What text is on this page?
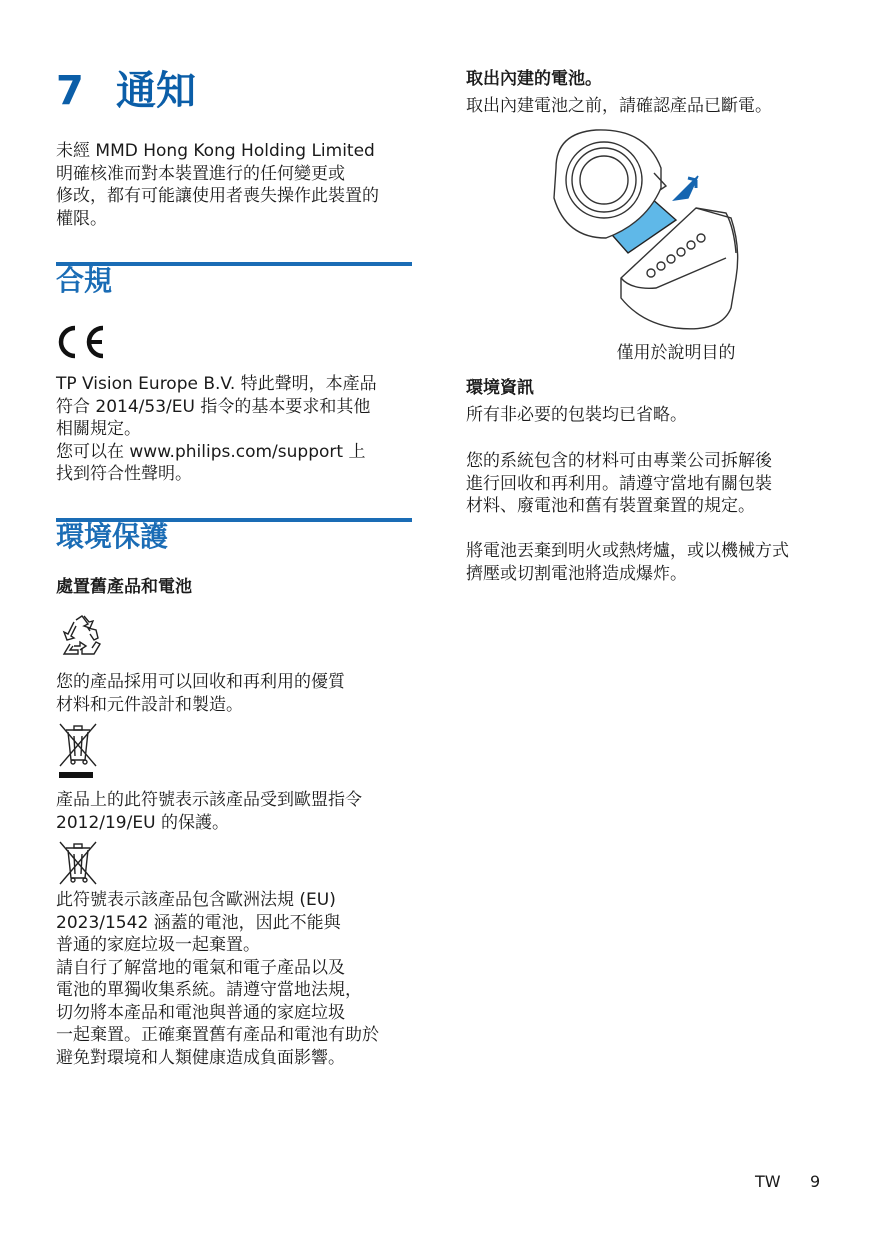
7 通知

未經 MMD Hong Kong Holding Limited
明確核准而對本裝置進行的任何變更或
修改，都有可能讓使用者喪失操作此裝置的
權限。

合規

TP Vision Europe B.V. 特此聲明，本產品
符合 2014/53/EU 指令的基本要求和其他
相關規定。
您可以在 www.philips.com/support 上
找到符合性聲明。

環境保護

處置舊產品和電池

您的產品採用可以回收和再利用的優質
材料和元件設計和製造。

產品上的此符號表示該產品受到歐盟指令
2012/19/EU 的保護。

此符號表示該產品包含歐洲法規 (EU)
2023/1542 涵蓋的電池，因此不能與
普通的家庭垃圾一起棄置。
請自行了解當地的電氣和電子產品以及
電池的單獨收集系統。請遵守當地法規，
切勿將本產品和電池與普通的家庭垃圾
一起棄置。正確棄置舊有產品和電池有助於
避免對環境和人類健康造成負面影響。

取出內建的電池。

取出內建電池之前，請確認產品已斷電。

僅用於說明目的

環境資訊

所有非必要的包裝均已省略。

您的系統包含的材料可由專業公司拆解後
進行回收和再利用。請遵守當地有關包裝
材料、廢電池和舊有裝置棄置的規定。

將電池丟棄到明火或熱烤爐，或以機械方式
擠壓或切割電池將造成爆炸。

TW 9
